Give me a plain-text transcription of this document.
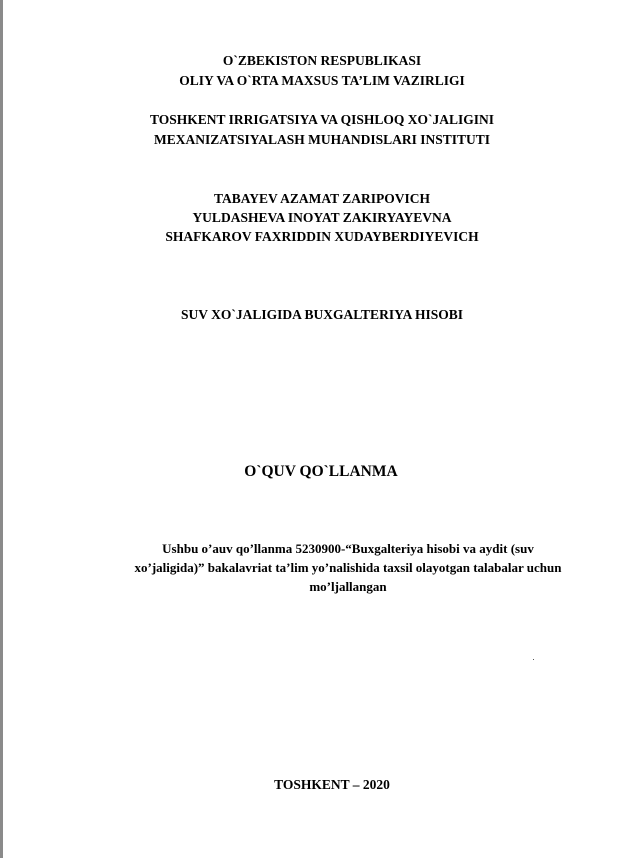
O`ZBEKISTON RESPUBLIKASI
OLIY VA O`RTA MAXSUS TA’LIM VAZIRLIGI
TOSHKENT IRRIGATSIYA VA QISHLOQ XO`JALIGINI
MEXANIZATSIYALASH MUHANDISLARI INSTITUTI
TABAYEV AZAMAT ZARIPOVICH
YULDASHEVA INOYAT ZAKIRYAYEVNA
SHAFKAROV FAXRIDDIN XUDAYBERDIYEVICH
SUV XO`JALIGIDA BUXGALTERIYA HISOBI
O`QUV QO`LLANMA
Ushbu o’auv qo’llanma 5230900-“Buxgalteriya hisobi va aydit (suv
xo’jaligida)” bakalavriat ta’lim yo’nalishida taxsil olayotgan talabalar uchun
mo’ljallangan
TOSHKENT – 2020
